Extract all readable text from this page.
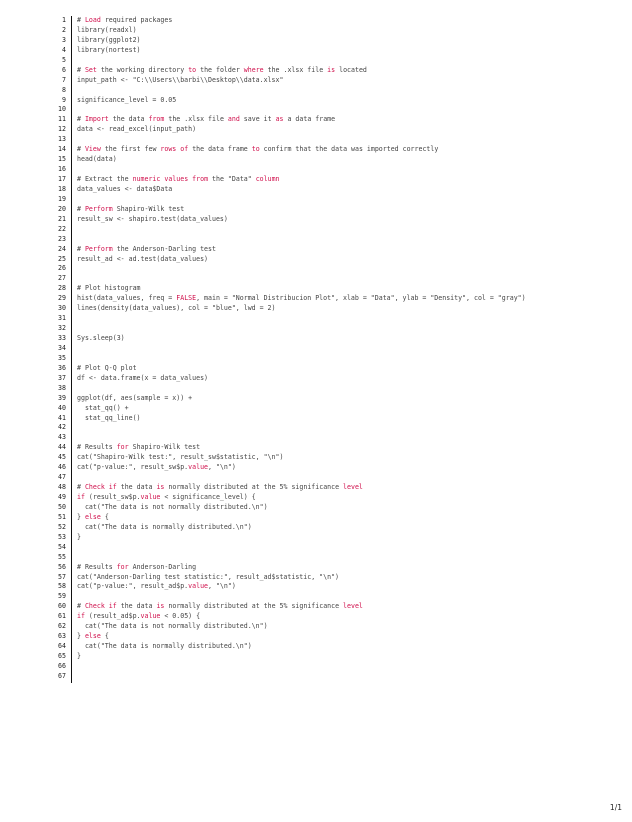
1 # Load required packages
2 library(readxl)
3 library(ggplot2)
4 library(nortest)
5
6 # Set the working directory to the folder where the .xlsx file is located
7 input_path <- "C:\\Users\\barbi\\Desktop\\data.xlsx"
8
9 significance_level = 0.05
10
11 # Import the data from the .xlsx file and save it as a data frame
12 data <- read_excel(input_path)
13
14 # View the first few rows of the data frame to confirm that the data was imported correctly
15 head(data)
16
17 # Extract the numeric values from the "Data" column
18 data_values <- data$Data
19
20 # Perform Shapiro-Wilk test
21 result_sw <- shapiro.test(data_values)
22
23
24 # Perform the Anderson-Darling test
25 result_ad <- ad.test(data_values)
26
27
28 # Plot histogram
29 hist(data_values, freq = FALSE, main = "Normal Distribucion Plot", xlab = "Data", ylab = "Density", col = "gray")
30 lines(density(data_values), col = "blue", lwd = 2)
31
32
33 Sys.sleep(3)
34
35
36 # Plot Q-Q plot
37 df <- data.frame(x = data_values)
38
39 ggplot(df, aes(sample = x)) +
40 stat_qq() +
41 stat_qq_line()
42
43
44 # Results for Shapiro-Wilk test
45 cat("Shapiro-Wilk test:", result_sw$statistic, "\n")
46 cat("p-value:", result_sw$p.value, "\n")
47
48 # Check if the data is normally distributed at the 5% significance level
49 if (result_sw$p.value < significance_level) {
50 cat("The data is not normally distributed.\n")
51 } else {
52 cat("The data is normally distributed.\n")
53 }
54
55
56 # Results for Anderson-Darling
57 cat("Anderson-Darling test statistic:", result_ad$statistic, "\n")
58 cat("p-value:", result_ad$p.value, "\n")
59
60 # Check if the data is normally distributed at the 5% significance level
61 if (result_ad$p.value < 0.05) {
62 cat("The data is not normally distributed.\n")
63 } else {
64 cat("The data is normally distributed.\n")
65 }
66
67
1/1
